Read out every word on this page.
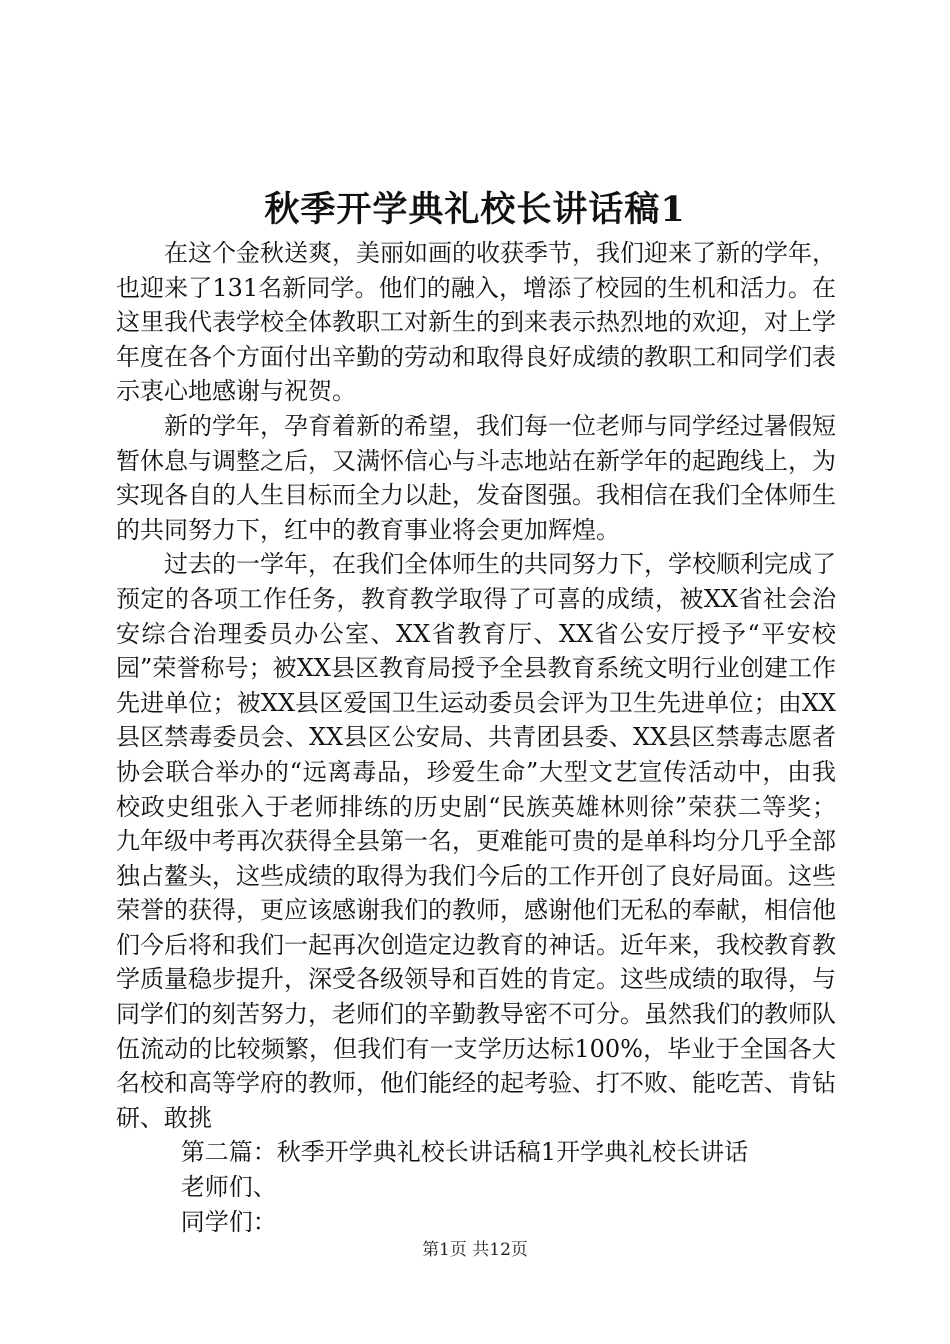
秋季开学典礼校长讲话稿1

在这个金秋送爽，美丽如画的收获季节，我们迎来了新的学年，也迎来了131名新同学。他们的融入，增添了校园的生机和活力。在这里我代表学校全体教职工对新生的到来表示热烈地的欢迎，对上学年度在各个方面付出辛勤的劳动和取得良好成绩的教职工和同学们表示衷心地感谢与祝贺。

新的学年，孕育着新的希望，我们每一位老师与同学经过暑假短暂休息与调整之后，又满怀信心与斗志地站在新学年的起跑线上，为实现各自的人生目标而全力以赴，发奋图强。我相信在我们全体师生的共同努力下，红中的教育事业将会更加辉煌。

过去的一学年，在我们全体师生的共同努力下，学校顺利完成了预定的各项工作任务，教育教学取得了可喜的成绩，被XX省社会治安综合治理委员办公室、XX省教育厅、XX省公安厅授予“平安校园”荣誉称号；被XX县区教育局授予全县教育系统文明行业创建工作先进单位；被XX县区爱国卫生运动委员会评为卫生先进单位；由XX县区禁毒委员会、XX县区公安局、共青团县委、XX县区禁毒志愿者协会联合举办的“远离毒品，珍爱生命”大型文艺宣传活动中，由我校政史组张入于老师排练的历史剧“民族英雄林则徐”荣获二等奖；九年级中考再次获得全县第一名，更难能可贵的是单科均分几乎全部独占鳌头，这些成绩的取得为我们今后的工作开创了良好局面。这些荣誉的获得，更应该感谢我们的教师，感谢他们无私的奉献，相信他们今后将和我们一起再次创造定边教育的神话。近年来，我校教育教学质量稳步提升，深受各级领导和百姓的肯定。这些成绩的取得，与同学们的刻苦努力，老师们的辛勤教导密不可分。虽然我们的教师队伍流动的比较频繁，但我们有一支学历达标100%，毕业于全国各大名校和高等学府的教师，他们能经的起考验、打不败、能吃苦、肯钻研、敢挑

第二篇：秋季开学典礼校长讲话稿1开学典礼校长讲话

老师们、

同学们：

第1页 共12页
